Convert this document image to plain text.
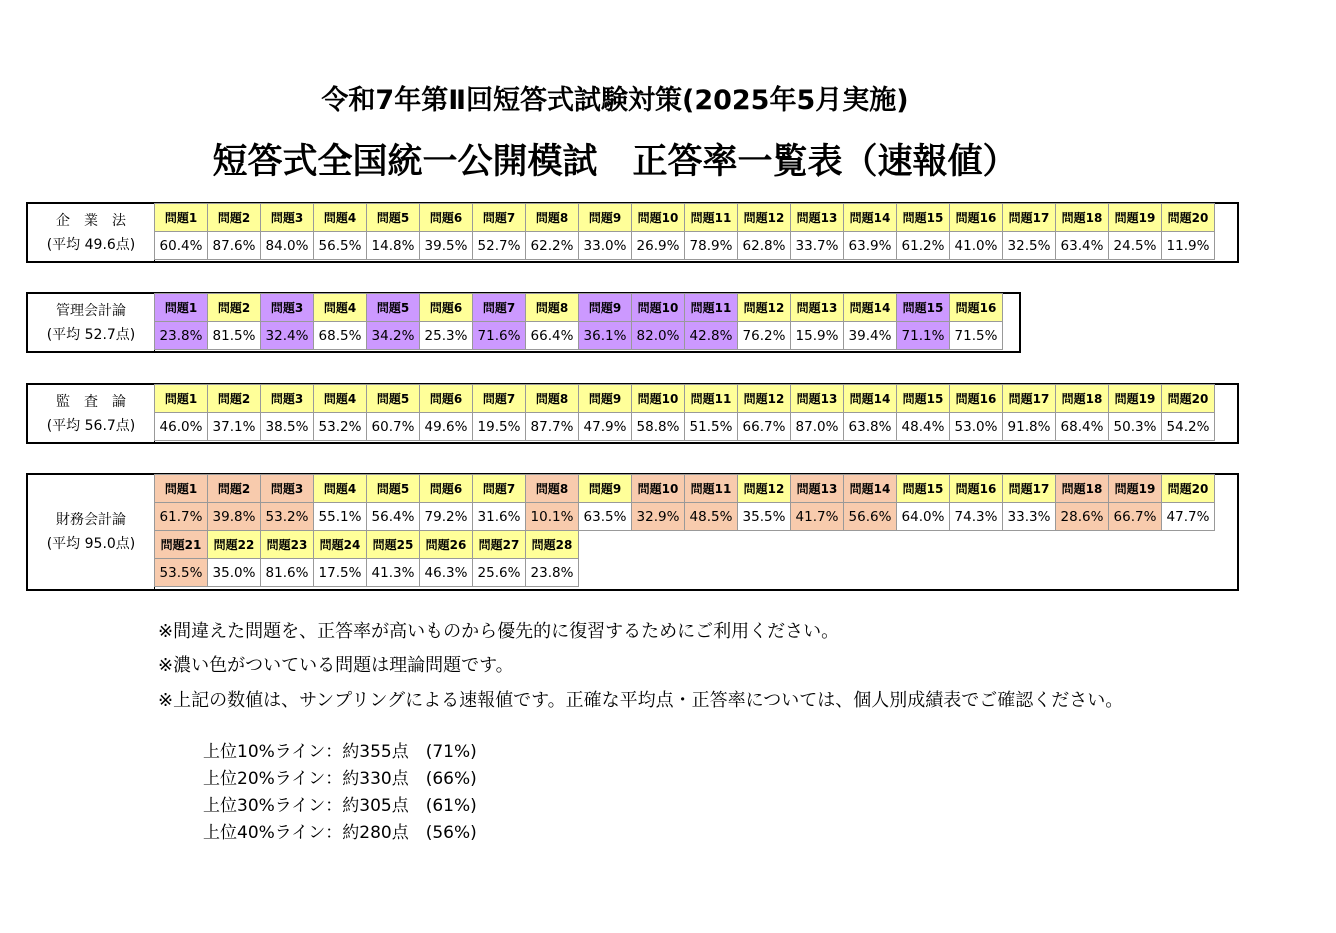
令和7年第Ⅱ回短答式試験対策(2025年5月実施)
短答式全国統一公開模試　正答率一覧表（速報値）
企　業　法
(平均 49.6点)
問題1	問題2	問題3	問題4	問題5	問題6	問題7	問題8	問題9	問題10	問題11	問題12	問題13	問題14	問題15	問題16	問題17	問題18	問題19	問題20
60.4%	87.6%	84.0%	56.5%	14.8%	39.5%	52.7%	62.2%	33.0%	26.9%	78.9%	62.8%	33.7%	63.9%	61.2%	41.0%	32.5%	63.4%	24.5%	11.9%
管理会計論
(平均 52.7点)
問題1	問題2	問題3	問題4	問題5	問題6	問題7	問題8	問題9	問題10	問題11	問題12	問題13	問題14	問題15	問題16
23.8%	81.5%	32.4%	68.5%	34.2%	25.3%	71.6%	66.4%	36.1%	82.0%	42.8%	76.2%	15.9%	39.4%	71.1%	71.5%
監　査　論
(平均 56.7点)
問題1	問題2	問題3	問題4	問題5	問題6	問題7	問題8	問題9	問題10	問題11	問題12	問題13	問題14	問題15	問題16	問題17	問題18	問題19	問題20
46.0%	37.1%	38.5%	53.2%	60.7%	49.6%	19.5%	87.7%	47.9%	58.8%	51.5%	66.7%	87.0%	63.8%	48.4%	53.0%	91.8%	68.4%	50.3%	54.2%
財務会計論
(平均 95.0点)
問題1	問題2	問題3	問題4	問題5	問題6	問題7	問題8	問題9	問題10	問題11	問題12	問題13	問題14	問題15	問題16	問題17	問題18	問題19	問題20
61.7%	39.8%	53.2%	55.1%	56.4%	79.2%	31.6%	10.1%	63.5%	32.9%	48.5%	35.5%	41.7%	56.6%	64.0%	74.3%	33.3%	28.6%	66.7%	47.7%
問題21	問題22	問題23	問題24	問題25	問題26	問題27	問題28												
53.5%	35.0%	81.6%	17.5%	41.3%	46.3%	25.6%	23.8%												
※間違えた問題を、正答率が高いものから優先的に復習するためにご利用ください。
※濃い色がついている問題は理論問題です。
※上記の数値は、サンプリングによる速報値です。正確な平均点・正答率については、個人別成績表でご確認ください。
上位10%ライン：約355点　(71%)
上位20%ライン：約330点　(66%)
上位30%ライン：約305点　(61%)
上位40%ライン：約280点　(56%)
